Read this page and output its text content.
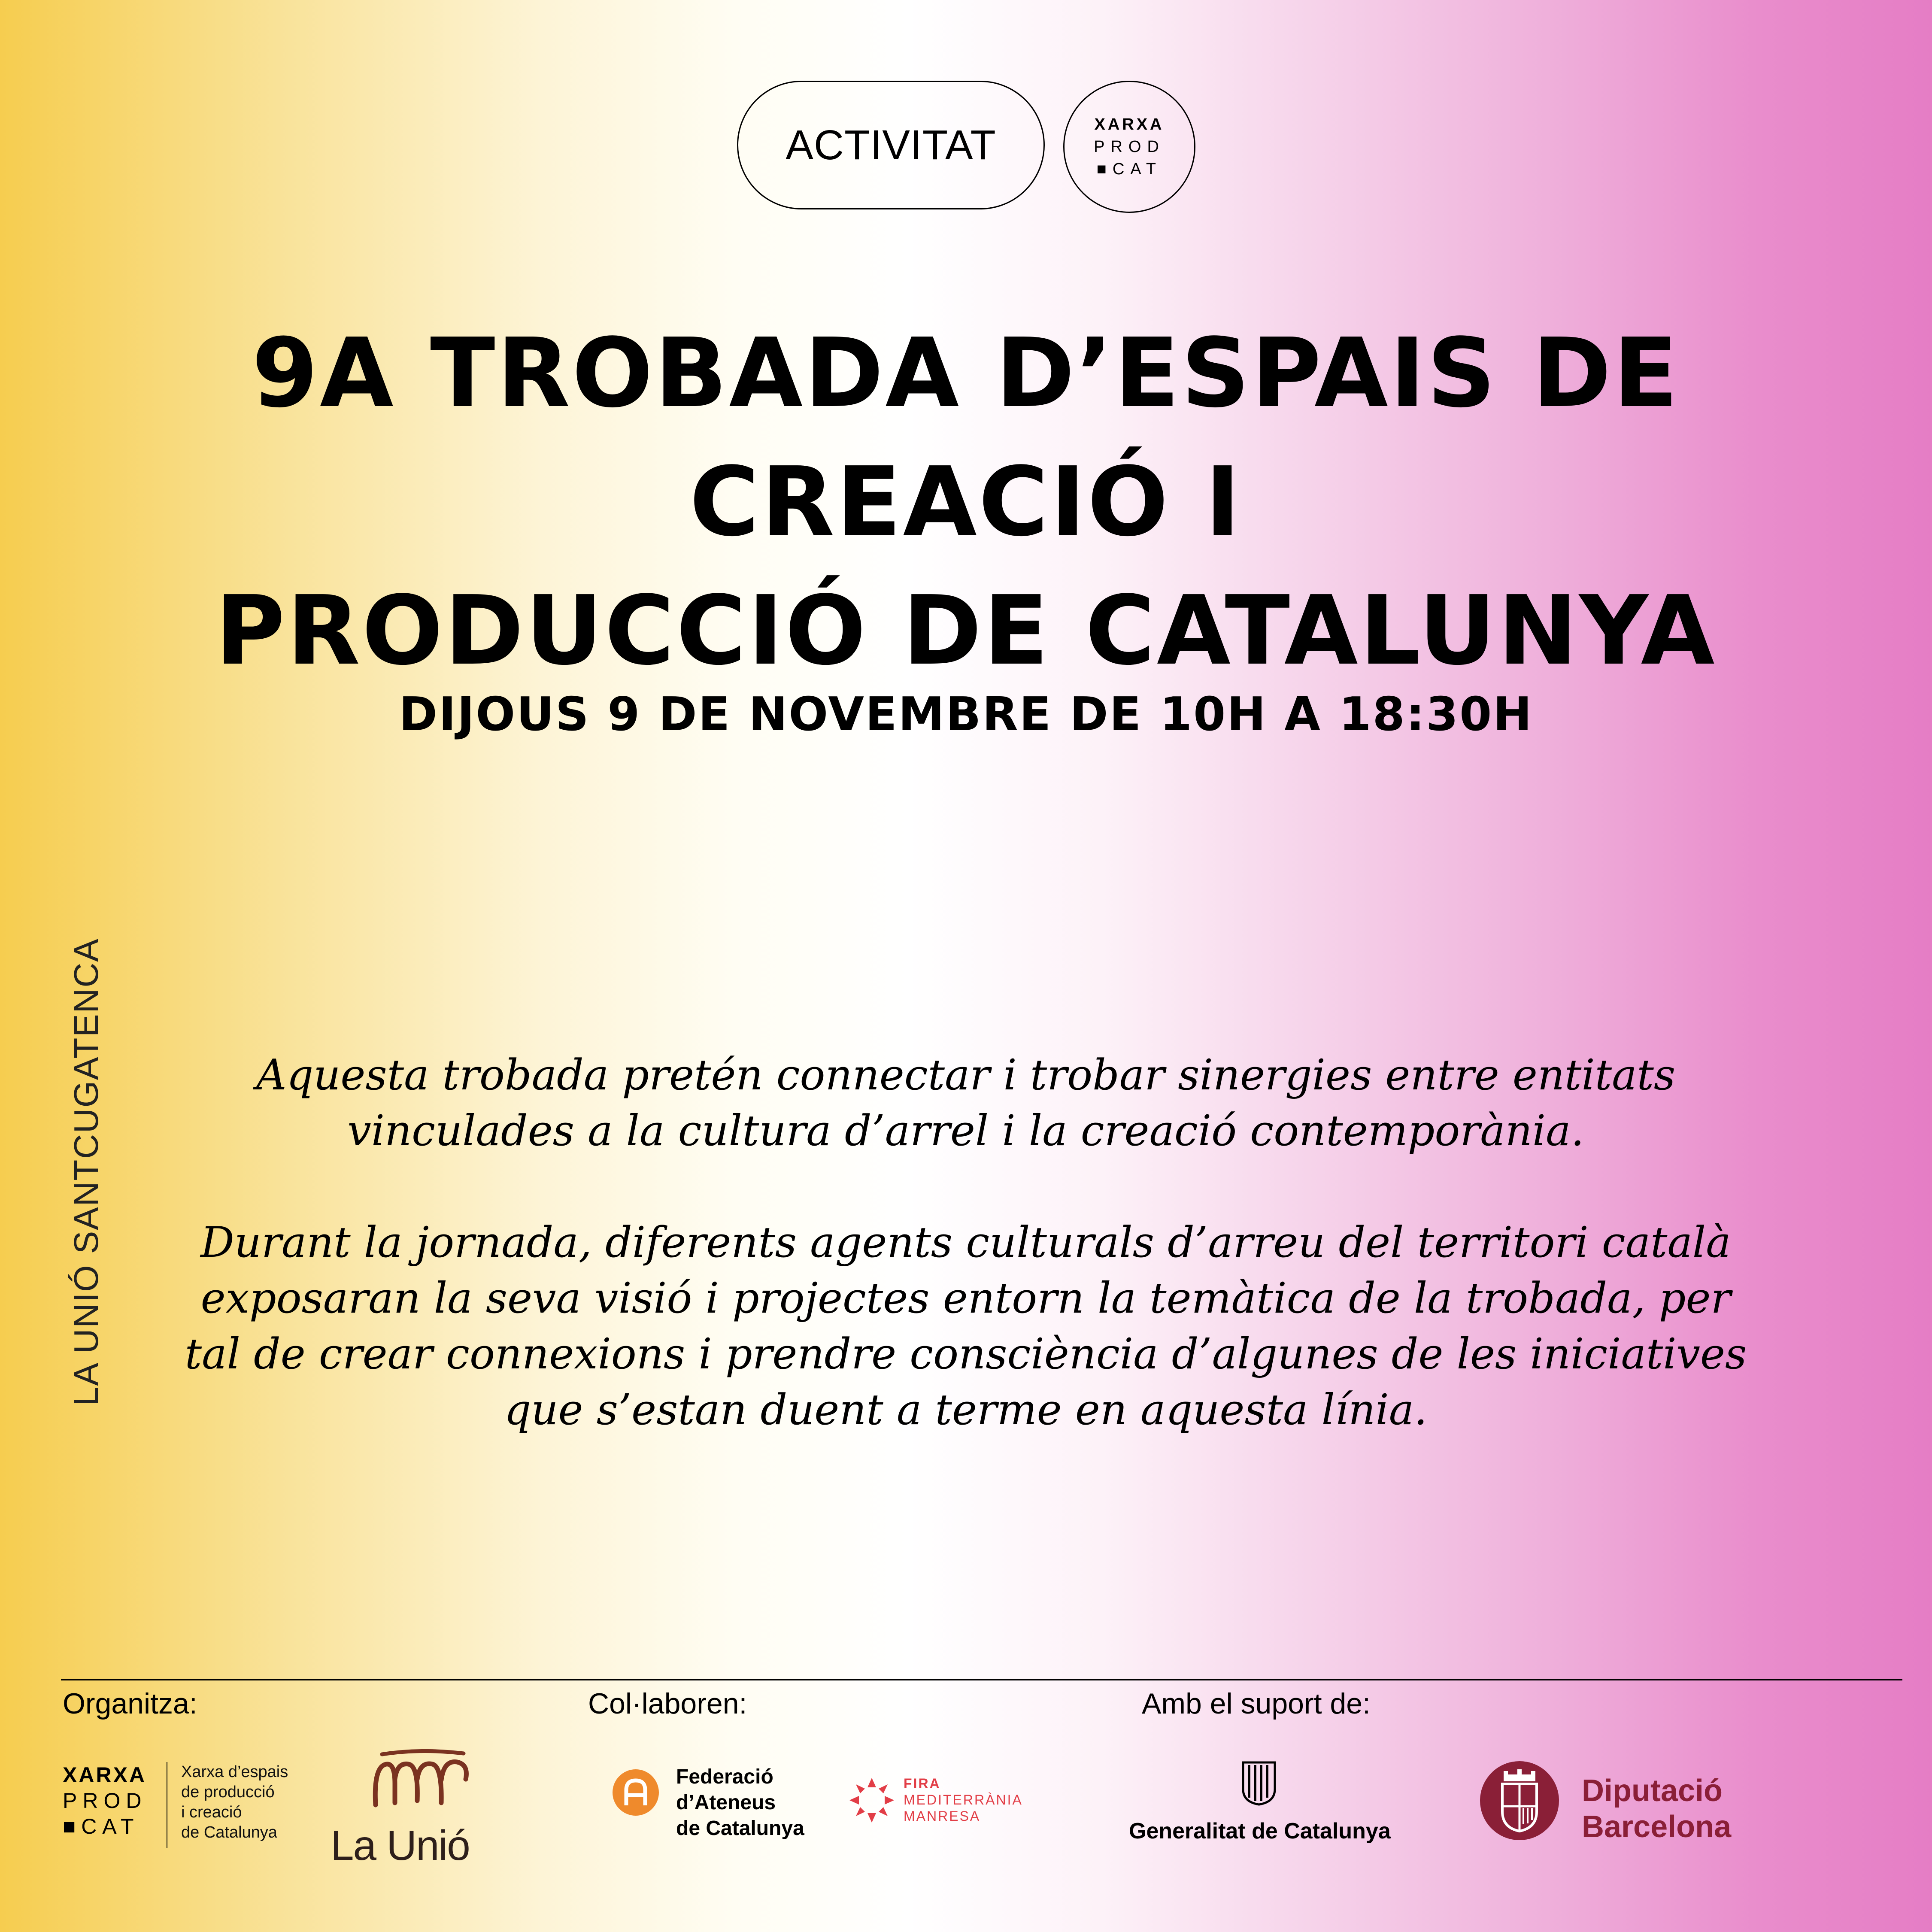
ACTIVITAT	XARXA
PROD
■CAT
9A TROBADA D’ESPAIS DE CREACIÓ I
PRODUCCIÓ DE CATALUNYA

DIJOUS 9 DE NOVEMBRE DE 10H A 18:30H

LA UNIÓ SANTCUGATENCA	Aquesta trobada pretén connectar i trobar sinergies entre entitats vinculades a la cultura d’arrel i la creació contemporània.

Durant la jornada, diferents agents culturals d’arreu del territori català exposaran la seva visió i projectes entorn la temàtica de la trobada, per tal de crear connexions i prendre consciència d’algunes de les iniciatives que s’estan duent a terme en aquesta línia.

Organitza:	Col·laboren:	Amb el suport de:
XARXA
PROD
■CAT
Xarxa d’espais
de producció
i creació
de Catalunya La Unió
Federació
d’Ateneus
de Catalunya
FIRA
MEDITERRÀNIA
MANRESA
Generalitat de Catalunya
Diputació
Barcelona
